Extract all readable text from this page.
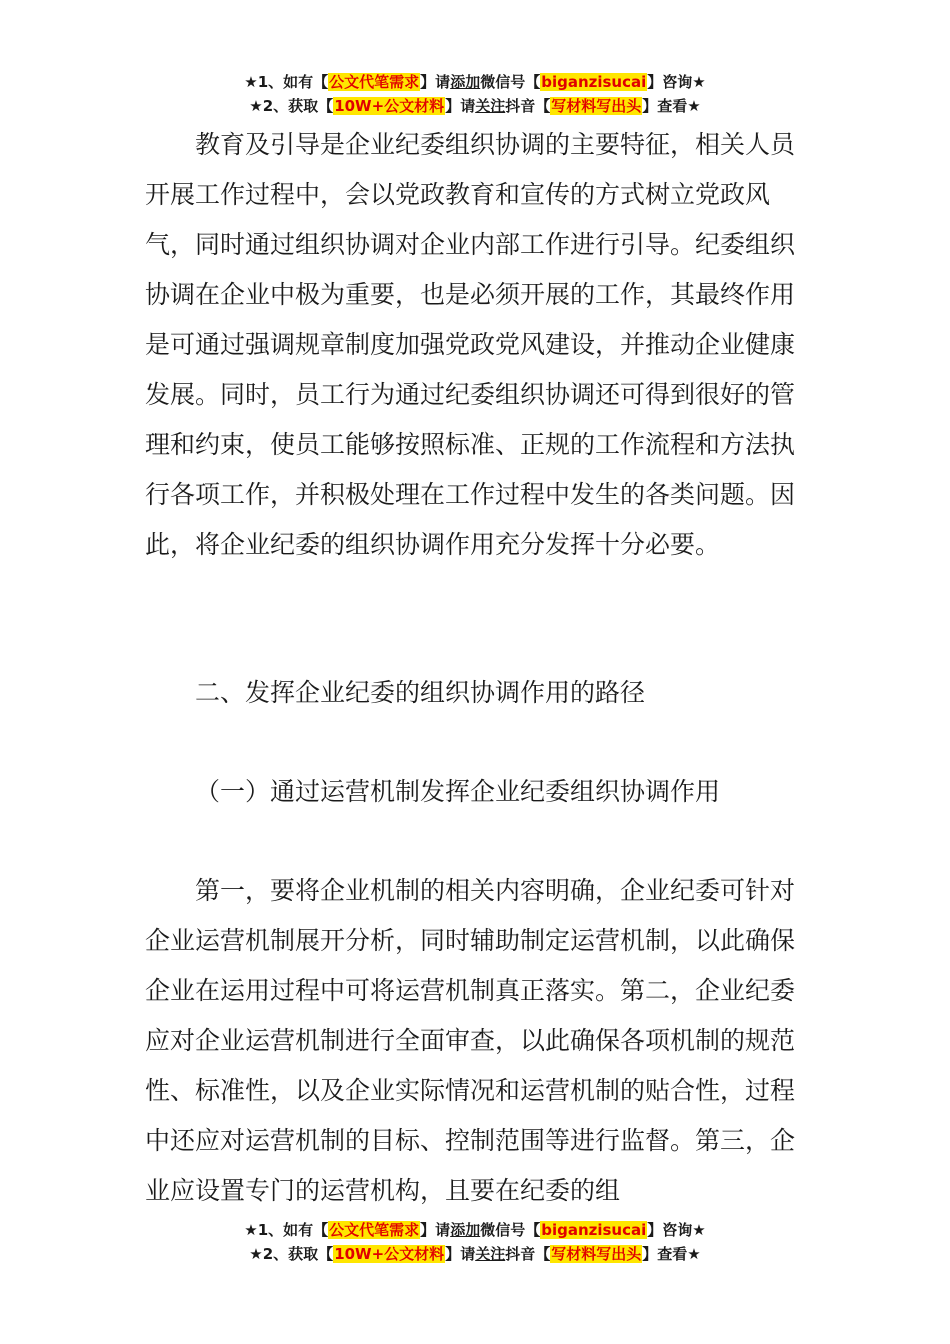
★1、如有【公文代笔需求】请添加微信号【biganzisucai】咨询★
★2、获取【10W+公文材料】请关注抖音【写材料写出头】查看★

教育及引导是企业纪委组织协调的主要特征，相关人员开展工作过程中，会以党政教育和宣传的方式树立党政风气，同时通过组织协调对企业内部工作进行引导。纪委组织协调在企业中极为重要，也是必须开展的工作，其最终作用是可通过强调规章制度加强党政党风建设，并推动企业健康发展。同时，员工行为通过纪委组织协调还可得到很好的管理和约束，使员工能够按照标准、正规的工作流程和方法执行各项工作，并积极处理在工作过程中发生的各类问题。因此，将企业纪委的组织协调作用充分发挥十分必要。

二、发挥企业纪委的组织协调作用的路径

（一）通过运营机制发挥企业纪委组织协调作用

第一，要将企业机制的相关内容明确，企业纪委可针对企业运营机制展开分析，同时辅助制定运营机制，以此确保企业在运用过程中可将运营机制真正落实。第二，企业纪委应对企业运营机制进行全面审查，以此确保各项机制的规范性、标准性，以及企业实际情况和运营机制的贴合性，过程中还应对运营机制的目标、控制范围等进行监督。第三，企业应设置专门的运营机构，且要在纪委的组

★1、如有【公文代笔需求】请添加微信号【biganzisucai】咨询★
★2、获取【10W+公文材料】请关注抖音【写材料写出头】查看★
